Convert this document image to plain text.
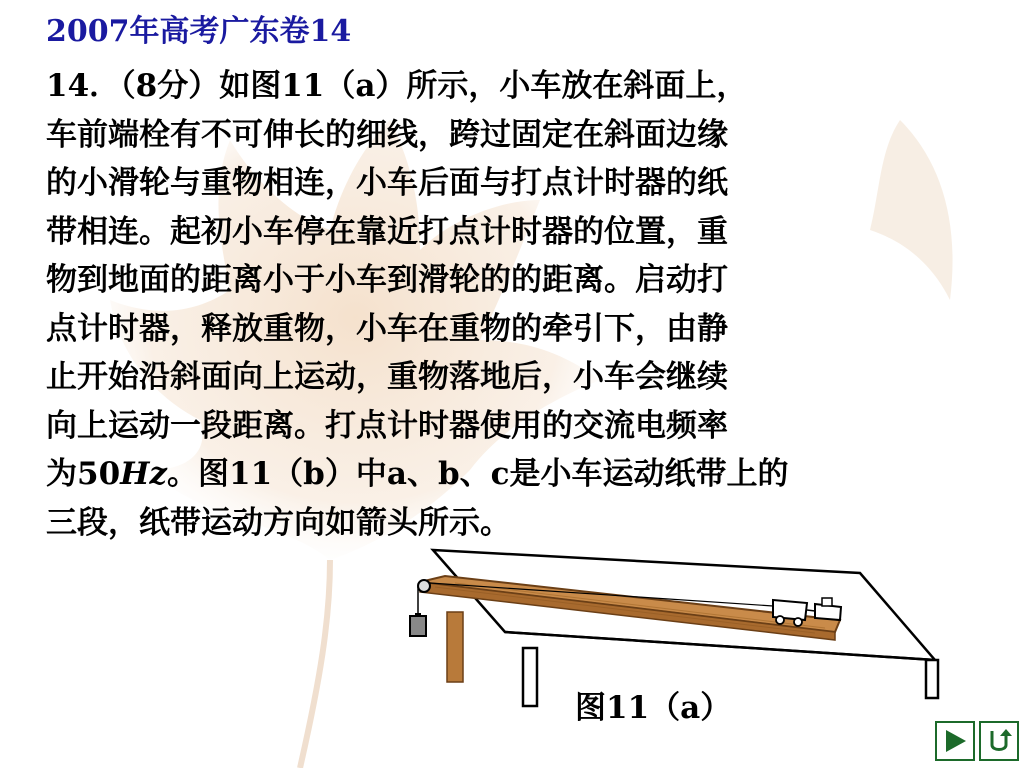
2007年高考广东卷14
14．（8分）如图11（a）所示，小车放在斜面上，
车前端栓有不可伸长的细线，跨过固定在斜面边缘
的小滑轮与重物相连，小车后面与打点计时器的纸
带相连。起初小车停在靠近打点计时器的位置，重
物到地面的距离小于小车到滑轮的的距离。启动打
点计时器，释放重物，小车在重物的牵引下，由静
止开始沿斜面向上运动，重物落地后，小车会继续
向上运动一段距离。打点计时器使用的交流电频率
为50Hz。图11（b）中a、b、c是小车运动纸带上的
三段，纸带运动方向如箭头所示。
图11（a）
